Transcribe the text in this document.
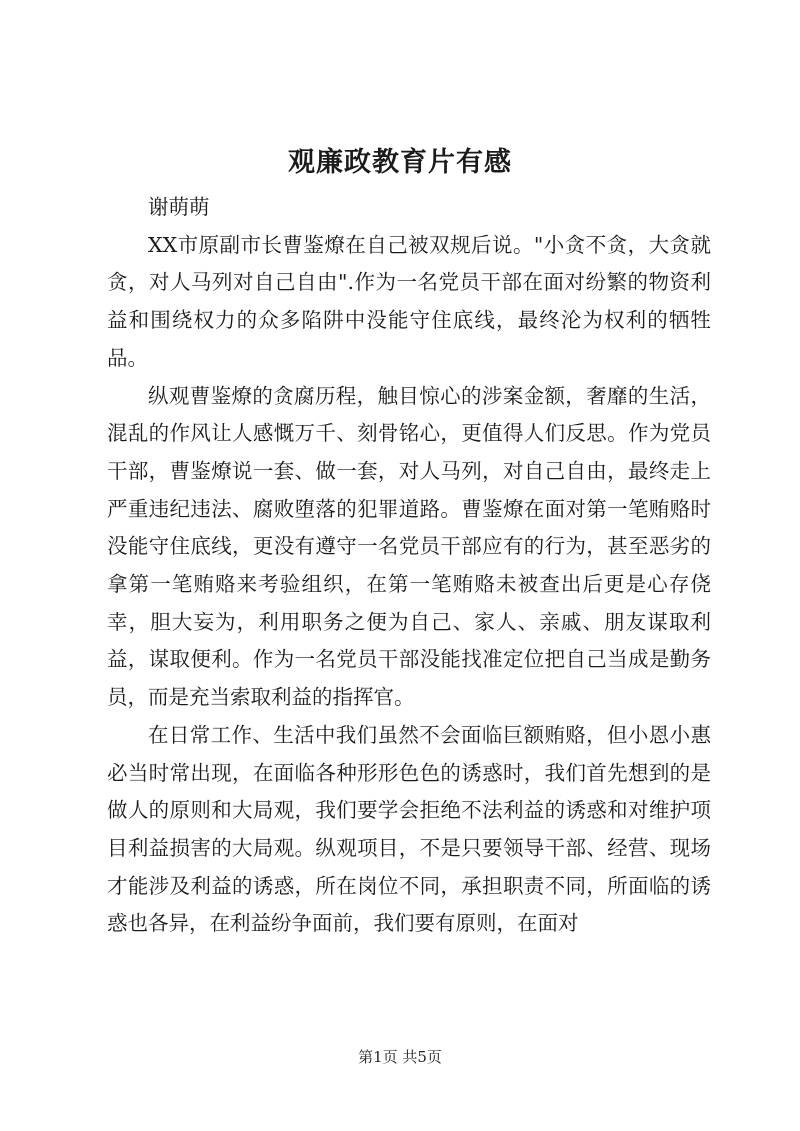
观廉政教育片有感

谢萌萌

XX市原副市长曹鉴燎在自己被双规后说。"小贪不贪，大贪就贪，对人马列对自己自由".作为一名党员干部在面对纷繁的物资利益和围绕权力的众多陷阱中没能守住底线，最终沦为权利的牺牲品。

纵观曹鉴燎的贪腐历程，触目惊心的涉案金额，奢靡的生活，混乱的作风让人感慨万千、刻骨铭心，更值得人们反思。作为党员干部，曹鉴燎说一套、做一套，对人马列，对自己自由，最终走上严重违纪违法、腐败堕落的犯罪道路。曹鉴燎在面对第一笔贿赂时没能守住底线，更没有遵守一名党员干部应有的行为，甚至恶劣的拿第一笔贿赂来考验组织，在第一笔贿赂未被查出后更是心存侥幸，胆大妄为，利用职务之便为自己、家人、亲戚、朋友谋取利益，谋取便利。作为一名党员干部没能找准定位把自己当成是勤务员，而是充当索取利益的指挥官。

在日常工作、生活中我们虽然不会面临巨额贿赂，但小恩小惠必当时常出现，在面临各种形形色色的诱惑时，我们首先想到的是做人的原则和大局观，我们要学会拒绝不法利益的诱惑和对维护项目利益损害的大局观。纵观项目，不是只要领导干部、经营、现场才能涉及利益的诱惑，所在岗位不同，承担职责不同，所面临的诱惑也各异，在利益纷争面前，我们要有原则，在面对

第1页 共5页
